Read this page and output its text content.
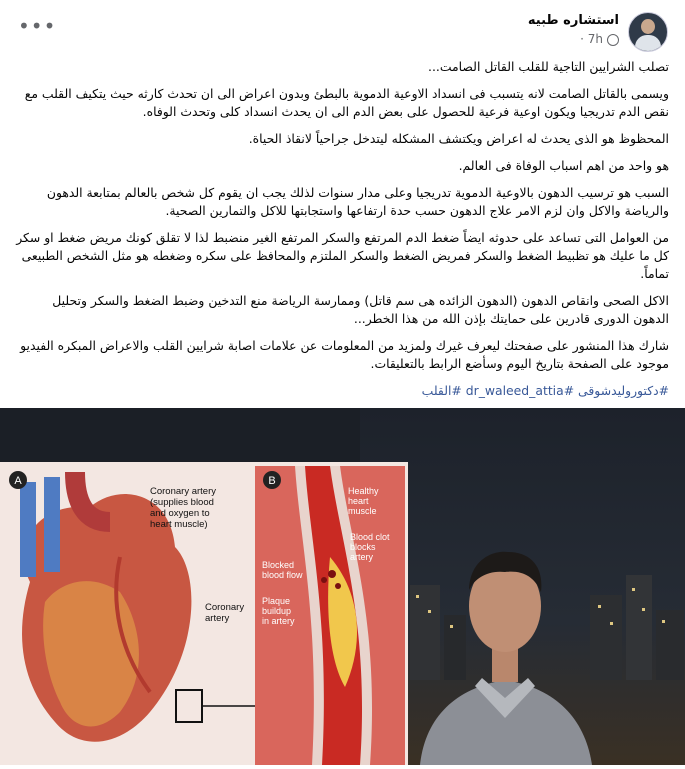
•••	استشاره طبيه
7h ·

تصلب الشرايين التاجية للقلب القاتل الصامت...

ويسمى بالقاتل الصامت لانه يتسبب فى انسداد الاوعية الدموية بالبطئ وبدون اعراض الى ان تحدث كارثه حيث يتكيف القلب مع نقص الدم تدريجيا ويكون اوعية فرعية للحصول على بعض الدم الى ان يحدث انسداد كلى وتحدث الوفاه.

المحظوظ هو الذى يحدث له اعراض ويكتشف المشكله ليتدخل جراحياً لانقاذ الحياة.

هو واحد من اهم اسباب الوفاة فى العالم.

السبب هو ترسيب الدهون بالاوعية الدموية تدريجيا وعلى مدار سنوات لذلك يجب ان يقوم كل شخص بالعالم بمتابعة الدهون والرياضة والاكل وان لزم الامر علاج الدهون حسب حدة ارتفاعها واستجابتها للاكل والتمارين الصحية.

من العوامل التى تساعد على حدوثه ايضاً ضغط الدم المرتفع والسكر المرتفع الغير منضبط لذا لا تقلق كونك مريض ضغط او سكر كل ما عليك هو تظبيط الضغط والسكر فمريض الضغط والسكر الملتزم والمحافظ على سكره وضغطه هو مثل الشخص الطبيعى تماماً.

الاكل الصحى وانقاص الدهون (الدهون الزائده هى سم قاتل) وممارسة الرياضة منع التدخين وضبط الضغط والسكر وتحليل الدهون الدورى قادرين على حمايتك بإذن الله من هذا الخطر...

شارك هذا المنشور على صفحتك ليعرف غيرك ولمزيد من المعلومات عن علامات اصابة شرايين القلب والاعراض المبكره الفيديو موجود على الصفحة بتاريخ اليوم وسأضع الرابط بالتعليقات.

#دكتوروليدشوقى #dr_waleed_attia #القلب
A	B
Coronary artery (supplies blood and oxygen to heart muscle)
Coronary artery
Healthy heart muscle
Blood clot blocks artery
Blocked blood flow
Plaque buildup in artery
